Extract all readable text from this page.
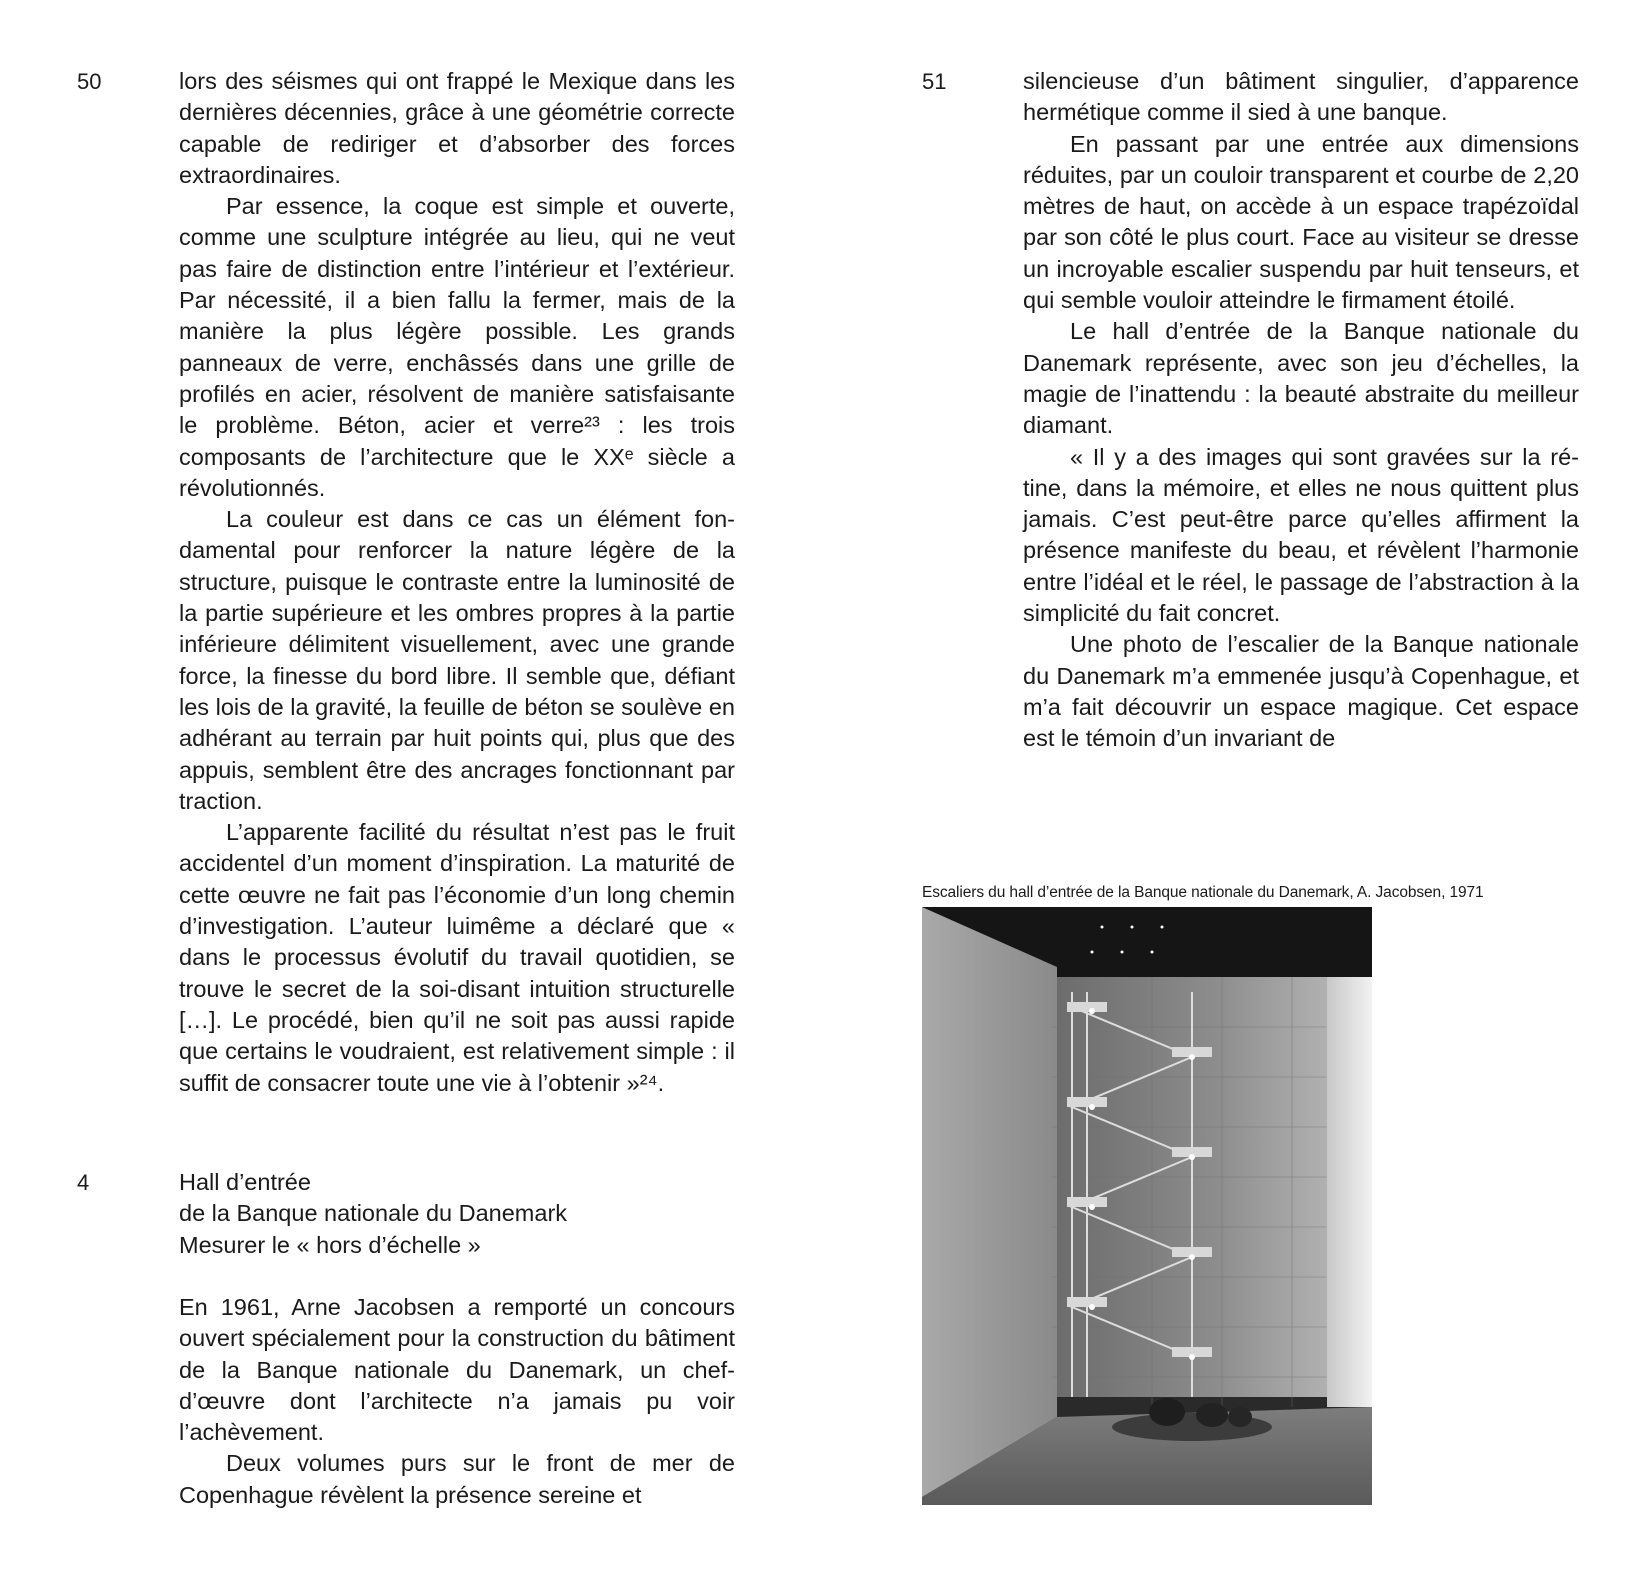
50	lors des séismes qui ont frappé le Mexique dans les dernières décennies, grâce à une géométrie correcte capable de rediriger et d’absorber des forces extraordinaires.

Par essence, la coque est simple et ouverte, comme une sculpture intégrée au lieu, qui ne veut pas faire de distinction entre l’intérieur et l’extérieur. Par nécessité, il a bien fallu la fermer, mais de la manière la plus légère possible. Les grands panneaux de verre, enchâssés dans une grille de profilés en acier, résolvent de manière satisfaisante le problème. Béton, acier et verre²³ : les trois composants de l’architecture que le XXᵉ siècle a révolutionnés.

La couleur est dans ce cas un élément fondamental pour renforcer la nature légère de la structure, puisque le contraste entre la luminosité de la partie supérieure et les ombres propres à la partie inférieure délimitent visuellement, avec une grande force, la finesse du bord libre. Il semble que, défiant les lois de la gravité, la feuille de béton se soulève en adhérant au terrain par huit points qui, plus que des appuis, semblent être des ancrages fonctionnant par traction.

L’apparente facilité du résultat n’est pas le fruit accidentel d’un moment d’inspiration. La maturité de cette œuvre ne fait pas l’économie d’un long chemin d’investigation. L’auteur luimême a déclaré que « dans le processus évolutif du travail quotidien, se trouve le secret de la soi-disant intuition structurelle […]. Le procédé, bien qu’il ne soit pas aussi rapide que certains le voudraient, est relativement simple : il suffit de consacrer toute une vie à l’obtenir »²⁴.

4	Hall d’entrée
de la Banque nationale du Danemark
Mesurer le « hors d’échelle »

En 1961, Arne Jacobsen a remporté un concours ouvert spécialement pour la construction du bâtiment de la Banque nationale du Danemark, un chef-d’œuvre dont l’architecte n’a jamais pu voir l’achèvement.

Deux volumes purs sur le front de mer de Copenhague révèlent la présence sereine et

51	silencieuse d’un bâtiment singulier, d’apparence hermétique comme il sied à une banque.

En passant par une entrée aux dimensions réduites, par un couloir transparent et courbe de 2,20 mètres de haut, on accède à un espace trapézoïdal par son côté le plus court. Face au visiteur se dresse un incroyable escalier suspendu par huit tenseurs, et qui semble vouloir atteindre le firmament étoilé.

Le hall d’entrée de la Banque nationale du Danemark représente, avec son jeu d’échelles, la magie de l’inattendu : la beauté abstraite du meilleur diamant.

« Il y a des images qui sont gravées sur la rétine, dans la mémoire, et elles ne nous quittent plus jamais. C’est peut-être parce qu’elles affirment la présence manifeste du beau, et révèlent l’harmonie entre l’idéal et le réel, le passage de l’abstraction à la simplicité du fait concret.

Une photo de l’escalier de la Banque nationale du Danemark m’a emmenée jusqu’à Copenhague, et m’a fait découvrir un espace magique. Cet espace est le témoin d’un invariant de

Escaliers du hall d’entrée de la Banque nationale du Danemark, A. Jacobsen, 1971
